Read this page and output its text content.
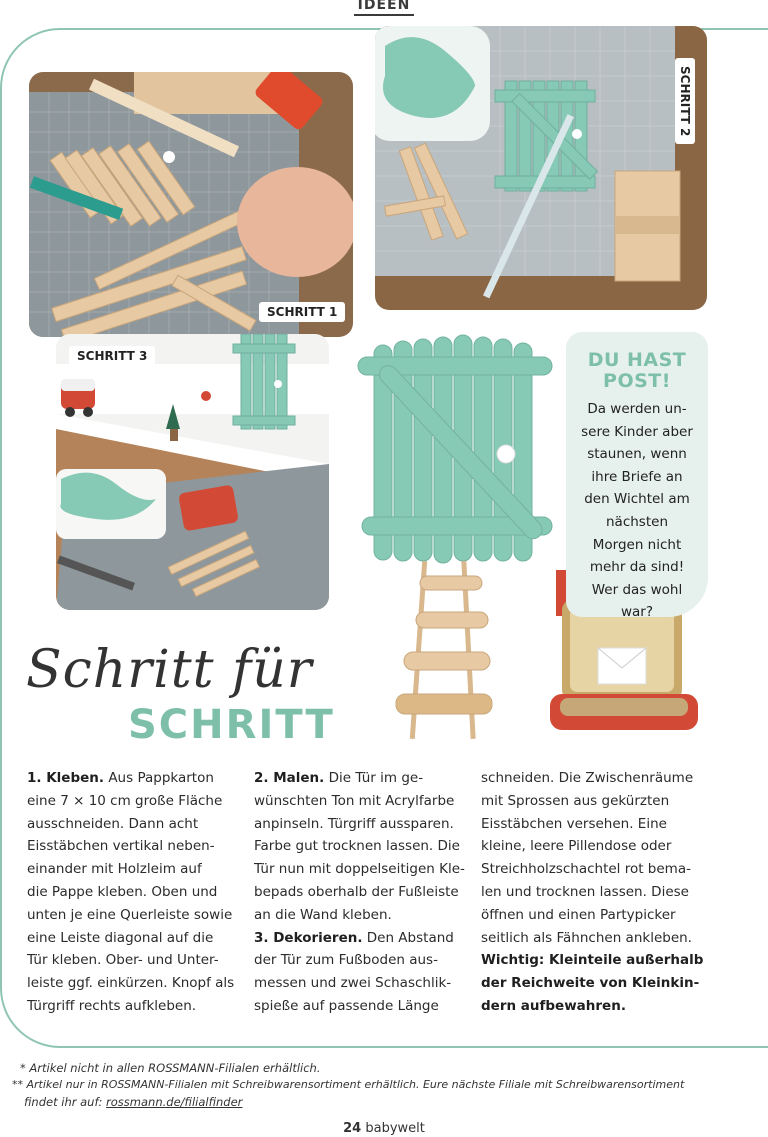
IDEEN
SCHRITT 1
SCHRITT 2
SCHRITT 3	DU HAST
POST!
Da werden un-
sere Kinder aber
staunen, wenn
ihre Briefe an
den Wichtel am
nächsten
Morgen nicht
mehr da sind!
Wer das wohl
war?
Schritt für
SCHRITT
1. Kleben. Aus Pappkarton
eine 7 × 10 cm große Fläche
ausschneiden. Dann acht
Eisstäbchen vertikal neben-
einander mit Holzleim auf
die Pappe kleben. Oben und
unten je eine Querleiste sowie
eine Leiste diagonal auf die
Tür kleben. Ober- und Unter-
leiste ggf. einkürzen. Knopf als
Türgriff rechts aufkleben.
2. Malen. Die Tür im ge-
wünschten Ton mit Acrylfarbe
anpinseln. Türgriff aussparen.
Farbe gut trocknen lassen. Die
Tür nun mit doppelseitigen Kle-
bepads oberhalb der Fußleiste
an die Wand kleben.
3. Dekorieren. Den Abstand
der Tür zum Fußboden aus-
messen und zwei Schaschlik-
spieße auf passende Länge
schneiden. Die Zwischenräume
mit Sprossen aus gekürzten
Eisstäbchen versehen. Eine
kleine, leere Pillendose oder
Streichholzschachtel rot bema-
len und trocknen lassen. Diese
öffnen und einen Partypicker
seitlich als Fähnchen ankleben.
Wichtig: Kleinteile außerhalb
der Reichweite von Kleinkin-
dern aufbewahren.
* Artikel nicht in allen ROSSMANN-Filialen erhältlich.
** Artikel nur in ROSSMANN-Filialen mit Schreibwarensortiment erhältlich. Eure nächste Filiale mit Schreibwarensortiment
findet ihr auf: rossmann.de/filialfinder
24 babywelt
